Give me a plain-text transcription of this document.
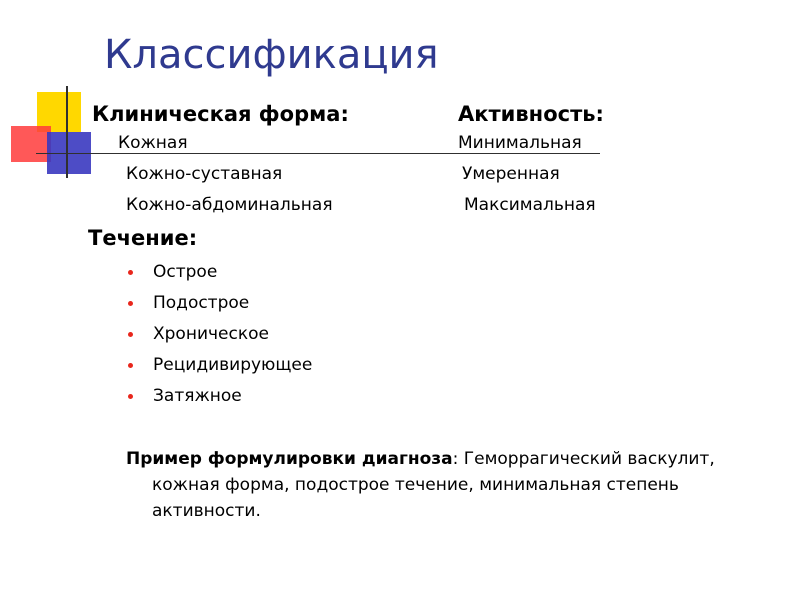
Классификация
Клиническая форма:	Активность:
Кожная
Кожно-суставная
Кожно-абдоминальная
Минимальная
Умеренная
Максимальная
Течение:
Острое
Подострое
Хроническое
Рецидивирующее
Затяжное
Пример формулировки диагноза: Геморрагический васкулит, кожная форма, подострое течение, минимальная степень активности.
